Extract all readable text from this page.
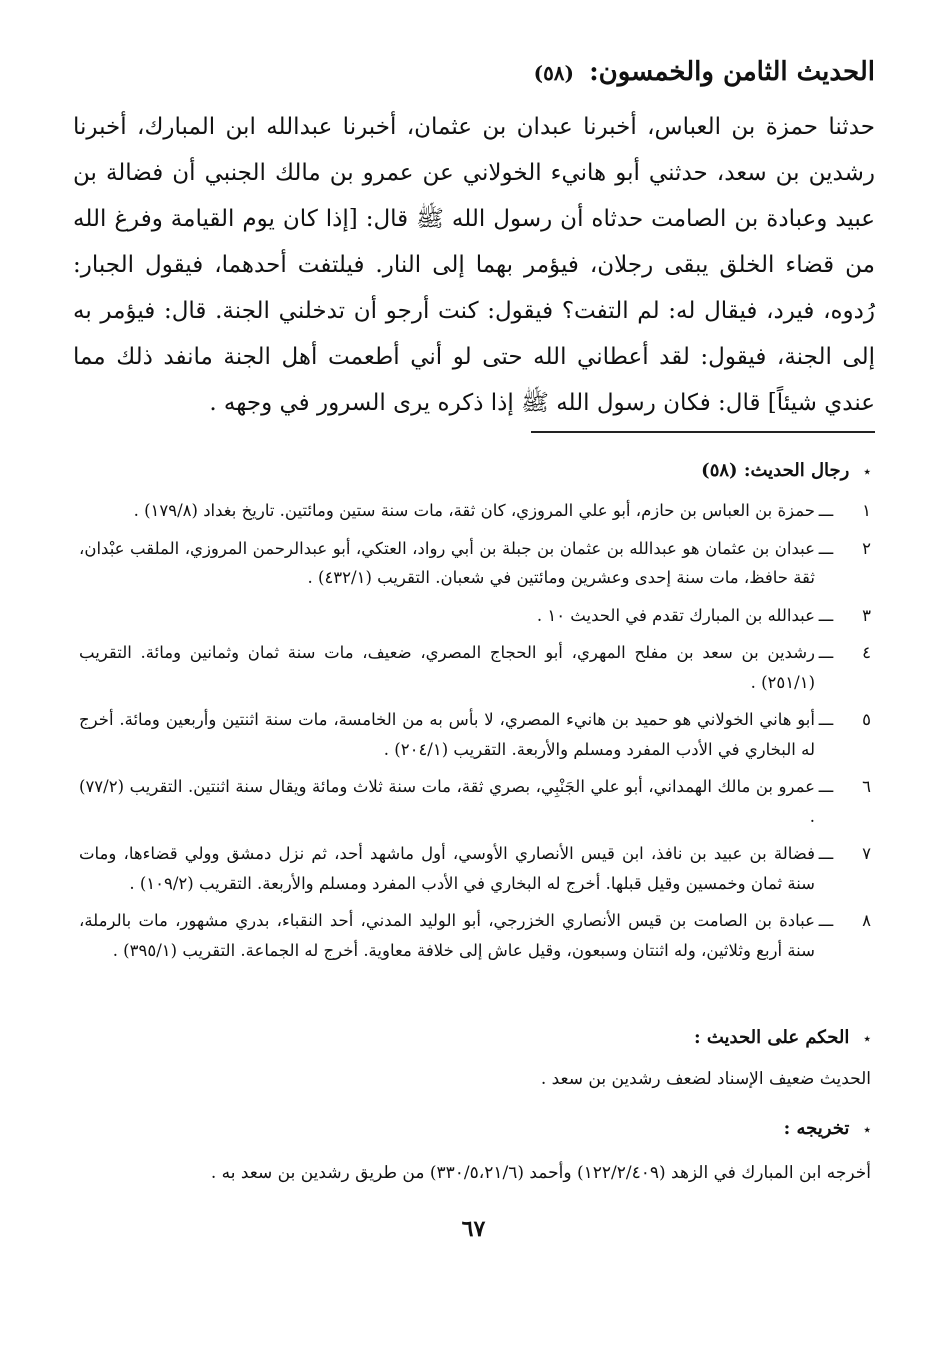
الحديث الثامن والخمسون: (٥٨)

حدثنا حمزة بن العباس، أخبرنا عبدان بن عثمان، أخبرنا عبدالله ابن المبارك، أخبرنا رشدين بن سعد، حدثني أبو هانيء الخولاني عن عمرو بن مالك الجنبي أن فضالة بن عبيد وعبادة بن الصامت حدثاه أن رسول الله ﷺ قال: [إذا كان يوم القيامة وفرغ الله من قضاء الخلق يبقى رجلان، فيؤمر بهما إلى النار. فيلتفت أحدهما، فيقول الجبار: رُدوه، فيرد، فيقال له: لم التفت؟ فيقول: كنت أرجو أن تدخلني الجنة. قال: فيؤمر به إلى الجنة، فيقول: لقد أعطاني الله حتى لو أني أطعمت أهل الجنة مانفد ذلك مما عندي شيئاً] قال: فكان رسول الله ﷺ إذا ذكره يرى السرور في وجهه .

٭رجال الحديث: (٥٨)
١
ـــ
حمزة بن العباس بن حازم، أبو علي المروزي، كان ثقة، مات سنة ستين ومائتين. تاريخ بغداد (١٧٩/٨) .
٢
ـــ
عبدان بن عثمان هو عبدالله بن عثمان بن جبلة بن أبي رواد، العتكي، أبو عبدالرحمن المروزي، الملقب عبْدان، ثقة حافظ، مات سنة إحدى وعشرين ومائتين في شعبان. التقريب (٤٣٢/١) .
٣
ـــ
عبدالله بن المبارك تقدم في الحديث ١٠ .
٤
ـــ
رشدين بن سعد بن مفلح المهري، أبو الحجاج المصري، ضعيف، مات سنة ثمان وثمانين ومائة. التقريب (٢٥١/١) .
٥
ـــ
أبو هاني الخولاني هو حميد بن هانيء المصري، لا بأس به من الخامسة، مات سنة اثنتين وأربعين ومائة. أخرج له البخاري في الأدب المفرد ومسلم والأربعة. التقريب (٢٠٤/١) .
٦
ـــ
عمرو بن مالك الهمداني، أبو علي الجَنْبِي، بصري ثقة، مات سنة ثلاث ومائة ويقال سنة اثنتين. التقريب (٧٧/٢) .
٧
ـــ
فضالة بن عبيد بن نافذ، ابن قيس الأنصاري الأوسي، أول ماشهد أحد، ثم نزل دمشق وولي قضاءها، ومات سنة ثمان وخمسين وقيل قبلها. أخرج له البخاري في الأدب المفرد ومسلم والأربعة. التقريب (١٠٩/٢) .
٨
ـــ
عبادة بن الصامت بن قيس الأنصاري الخزرجي، أبو الوليد المدني، أحد النقباء، بدري مشهور، مات بالرملة، سنة أربع وثلاثين، وله اثنتان وسبعون، وقيل عاش إلى خلافة معاوية. أخرج له الجماعة. التقريب (٣٩٥/١) .
٭الحكم على الحديث :
الحديث ضعيف الإسناد لضعف رشدين بن سعد .
٭تخريجه :
أخرجه ابن المبارك في الزهد (١٢٢/٢/٤٠٩) وأحمد (٣٣٠/٥،٢١/٦) من طريق رشدين بن سعد به .
٦٧
